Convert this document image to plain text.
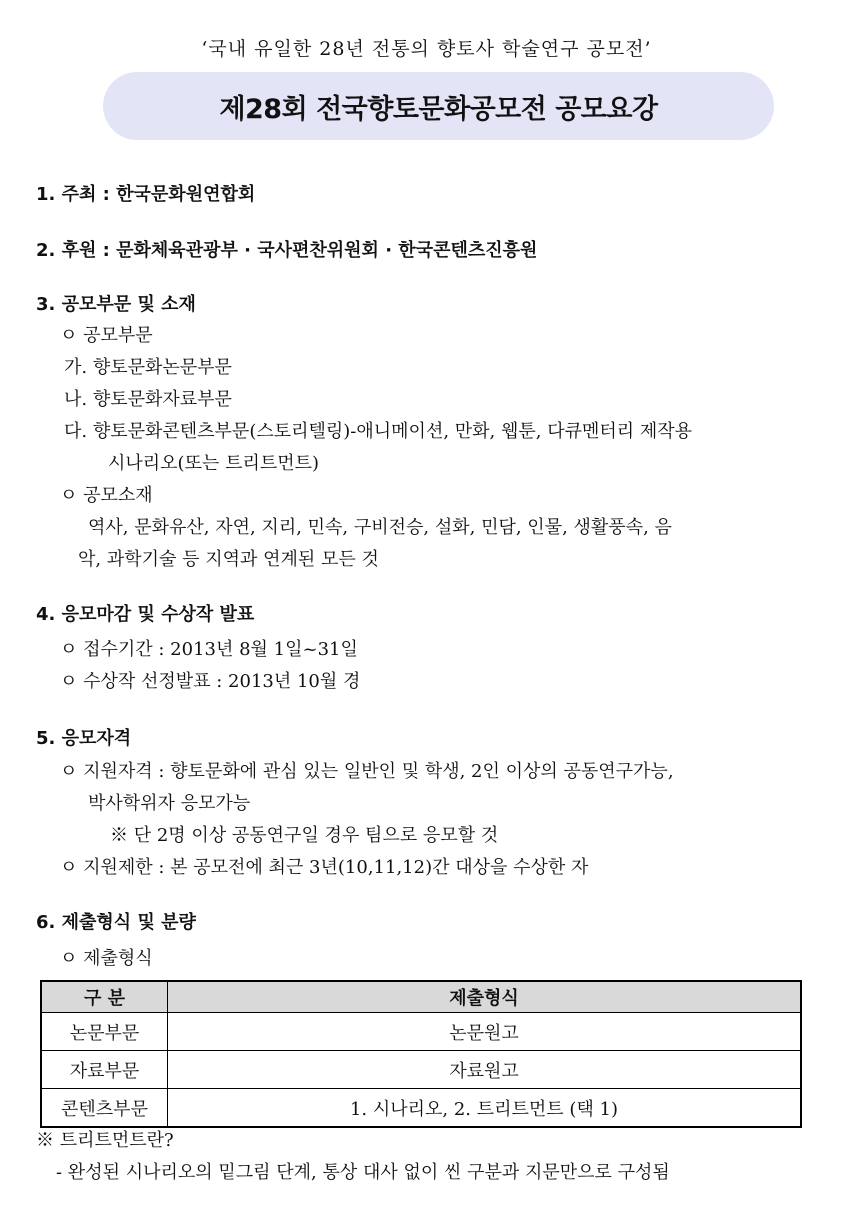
‘국내 유일한 28년 전통의 향토사 학술연구 공모전’
제28회 전국향토문화공모전 공모요강
1. 주최 : 한국문화원연합회
2. 후원 : 문화체육관광부 · 국사편찬위원회 · 한국콘텐츠진흥원
3. 공모부문 및 소재
ㅇ 공모부문
가. 향토문화논문부문
나. 향토문화자료부문
다. 향토문화콘텐츠부문(스토리텔링)-애니메이션, 만화, 웹툰, 다큐멘터리 제작용
시나리오(또는 트리트먼트)
ㅇ 공모소재
역사, 문화유산, 자연, 지리, 민속, 구비전승, 설화, 민담, 인물, 생활풍속, 음
악, 과학기술 등 지역과 연계된 모든 것
4. 응모마감 및 수상작 발표
ㅇ 접수기간 : 2013년 8월 1일~31일
ㅇ 수상작 선정발표 : 2013년 10월 경
5. 응모자격
ㅇ 지원자격 : 향토문화에 관심 있는 일반인 및 학생, 2인 이상의 공동연구가능,
박사학위자 응모가능
※ 단 2명 이상 공동연구일 경우 팀으로 응모할 것
ㅇ 지원제한 : 본 공모전에 최근 3년(10,11,12)간 대상을 수상한 자
6. 제출형식 및 분량
ㅇ 제출형식
구 분	제출형식
논문부문	논문원고
자료부문	자료원고
콘텐츠부문	1. 시나리오, 2. 트리트먼트 (택 1)
※ 트리트먼트란?
- 완성된 시나리오의 밑그림 단계, 통상 대사 없이 씬 구분과 지문만으로 구성됨
